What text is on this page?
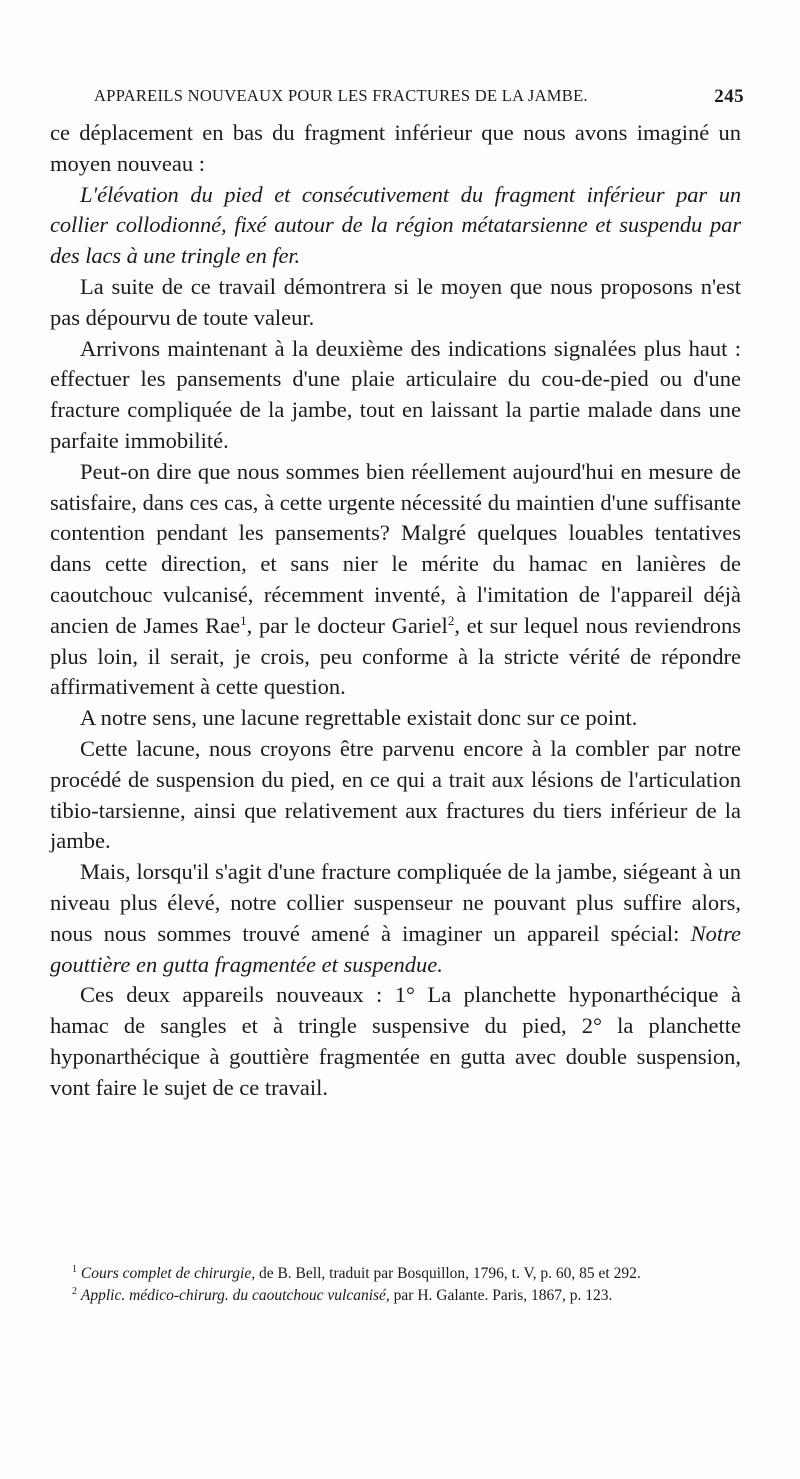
APPAREILS NOUVEAUX POUR LES FRACTURES DE LA JAMBE.	245

ce déplacement en bas du fragment inférieur que nous avons imaginé un moyen nouveau :

L'élévation du pied et consécutivement du fragment inférieur par un collier collodionné, fixé autour de la région métatarsienne et suspendu par des lacs à une tringle en fer.

La suite de ce travail démontrera si le moyen que nous proposons n'est pas dépourvu de toute valeur.

Arrivons maintenant à la deuxième des indications signalées plus haut : effectuer les pansements d'une plaie articulaire du cou-de-pied ou d'une fracture compliquée de la jambe, tout en laissant la partie malade dans une parfaite immobilité.

Peut-on dire que nous sommes bien réellement aujourd'hui en mesure de satisfaire, dans ces cas, à cette urgente nécessité du maintien d'une suffisante contention pendant les pansements? Malgré quelques louables tentatives dans cette direction, et sans nier le mérite du hamac en lanières de caoutchouc vulcanisé, récemment inventé, à l'imitation de l'appareil déjà ancien de James Rae$^1$, par le docteur Gariel$^2$, et sur lequel nous reviendrons plus loin, il serait, je crois, peu conforme à la stricte vérité de répondre affirmativement à cette question.

A notre sens, une lacune regrettable existait donc sur ce point.

Cette lacune, nous croyons être parvenu encore à la combler par notre procédé de suspension du pied, en ce qui a trait aux lésions de l'articulation tibio-tarsienne, ainsi que relativement aux fractures du tiers inférieur de la jambe.

Mais, lorsqu'il s'agit d'une fracture compliquée de la jambe, siégeant à un niveau plus élevé, notre collier suspenseur ne pouvant plus suffire alors, nous nous sommes trouvé amené à imaginer un appareil spécial: Notre gouttière en gutta fragmentée et suspendue.

Ces deux appareils nouveaux : 1° La planchette hyponarthécique à hamac de sangles et à tringle suspensive du pied, 2° la planchette hyponarthécique à gouttière fragmentée en gutta avec double suspension, vont faire le sujet de ce travail.

$^1$ Cours complet de chirurgie, de B. Bell, traduit par Bosquillon, 1796, t. V, p. 60, 85 et 292.

$^2$ Applic. médico-chirurg. du caoutchouc vulcanisé, par H. Galante. Paris, 1867, p. 123.
